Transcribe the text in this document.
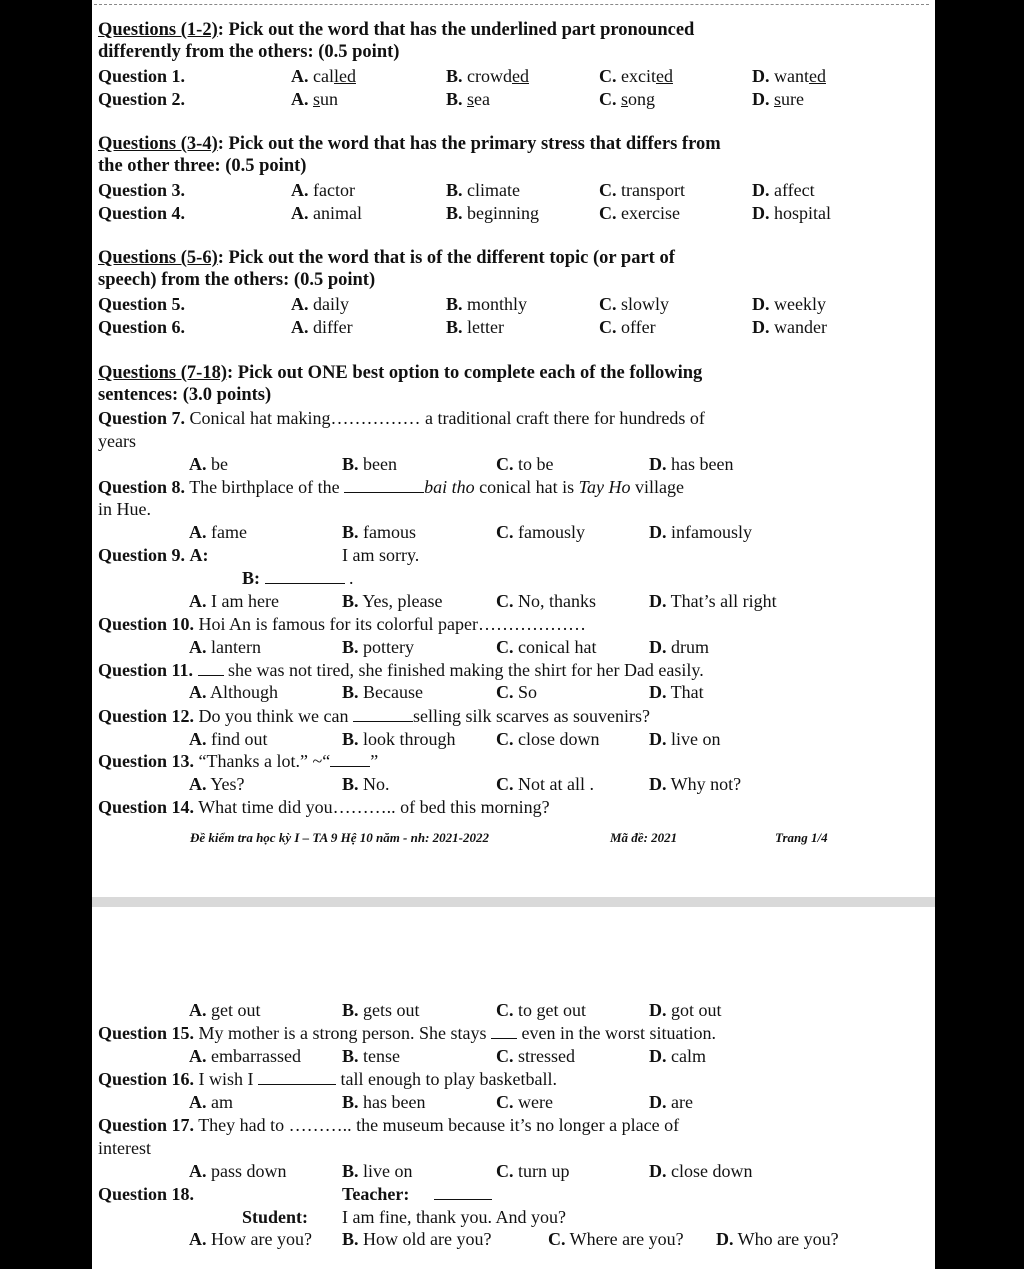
Questions (1-2): Pick out the word that has the underlined part pronounced
differently from the others: (0.5 point)
Question 1.	A. called	B. crowded	C. excited	D. wanted
Question 2.	A. sun	B. sea	C. song	D. sure
Questions (3-4): Pick out the word that has the primary stress that differs from
the other three: (0.5 point)
Question 3.	A. factor	B. climate	C. transport	D. affect
Question 4.	A. animal	B. beginning	C. exercise	D. hospital
Questions (5-6): Pick out the word that is of the different topic (or part of
speech) from the others: (0.5 point)
Question 5.	A. daily	B. monthly	C. slowly	D. weekly
Question 6.	A. differ	B. letter	C. offer	D. wander
Questions (7-18): Pick out ONE best option to complete each of the following
sentences: (3.0 points)
Question 7. Conical hat making…………… a traditional craft there for hundreds of
years
A. be	B. been	C. to be	D. has been
Question 8. The birthplace of the	bai tho conical hat is Tay Ho village
in Hue.
A. fame	B. famous	C. famously	D. infamously
Question 9. A:	I am sorry.
B:	.
A. I am here	B. Yes, please	C. No, thanks	D. That’s all right
Question 10. Hoi An is famous for its colorful paper………………
A. lantern	B. pottery	C. conical hat	D. drum
Question 11.  she was not tired, she finished making the shirt for her Dad easily.
A. Although	B. Because	C. So	D. That
Question 12. Do you think we can	selling silk scarves as souvenirs?
A. find out	B. look through C. close down	D. live on
Question 13. “Thanks a lot.” ~“ ”
A. Yes?	B. No.	C. Not at all .	D. Why not?
Question 14. What time did you……….. of bed this morning?
Đề kiểm tra học kỳ I – TA 9 Hệ 10 năm - nh: 2021-2022	Mã đề: 2021	Trang 1/4
A. get out	B. gets out	C. to get out	D. got out
Question 15. My mother is a strong person. She stays  even in the worst situation.
A. embarrassed B. tense	C. stressed	D. calm
Question 16. I wish I	tall enough to play basketball.
A. am	B. has been	C. were	D. are
Question 17. They had to ……….. the museum because it’s no longer a place of
interest
A. pass down	B. live on	C. turn up	D. close down
Question 18.	Teacher:
Student: I am fine, thank you. And you?
A. How are you? B. How old are you?	C. Where are you? D. Who are you?
